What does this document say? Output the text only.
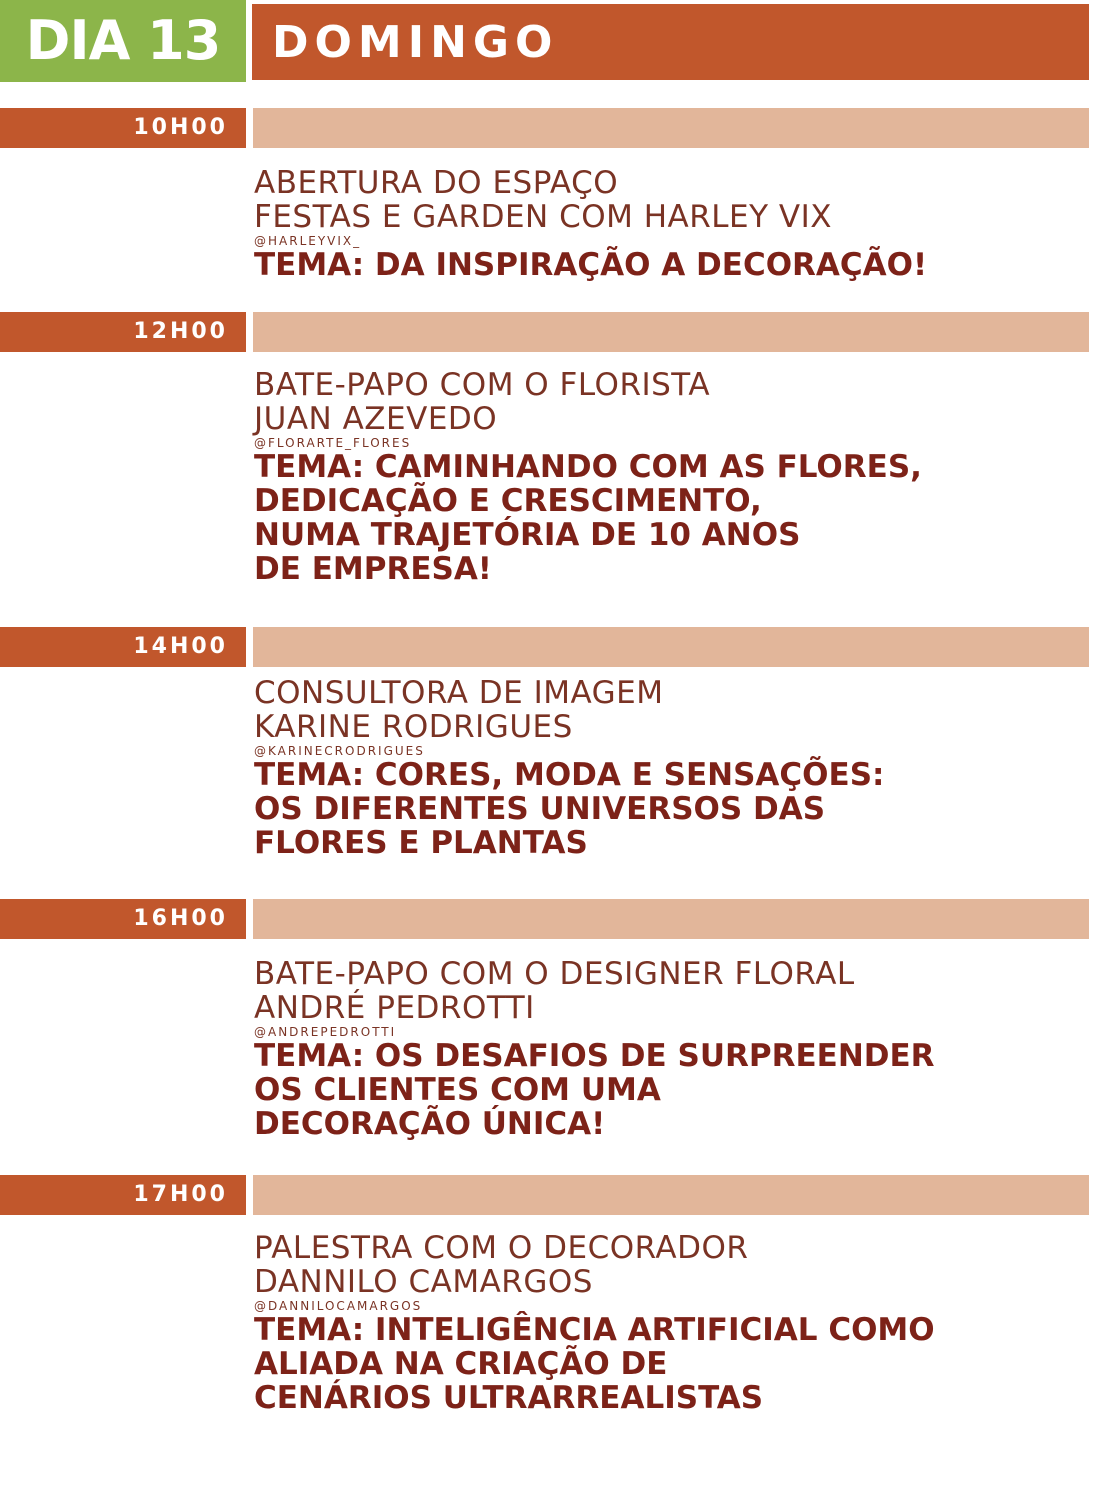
DIA 13	DOMINGO
10H00
ABERTURA DO ESPAÇO
FESTAS E GARDEN COM HARLEY VIX
@HARLEYVIX_
TEMA: DA INSPIRAÇÃO A DECORAÇÃO!
12H00
BATE-PAPO COM O FLORISTA
JUAN AZEVEDO
@FLORARTE_FLORES
TEMA: CAMINHANDO COM AS FLORES,
DEDICAÇÃO E CRESCIMENTO,
NUMA TRAJETÓRIA DE 10 ANOS
DE EMPRESA!
14H00
CONSULTORA DE IMAGEM
KARINE RODRIGUES
@KARINECRODRIGUES
TEMA: CORES, MODA E SENSAÇÕES:
OS DIFERENTES UNIVERSOS DAS
FLORES E PLANTAS
16H00
BATE-PAPO COM O DESIGNER FLORAL
ANDRÉ PEDROTTI
@ANDREPEDROTTI
TEMA: OS DESAFIOS DE SURPREENDER
OS CLIENTES COM UMA
DECORAÇÃO ÚNICA!
17H00
PALESTRA COM O DECORADOR
DANNILO CAMARGOS
@DANNILOCAMARGOS
TEMA: INTELIGÊNCIA ARTIFICIAL COMO
ALIADA NA CRIAÇÃO DE
CENÁRIOS ULTRARREALISTAS
